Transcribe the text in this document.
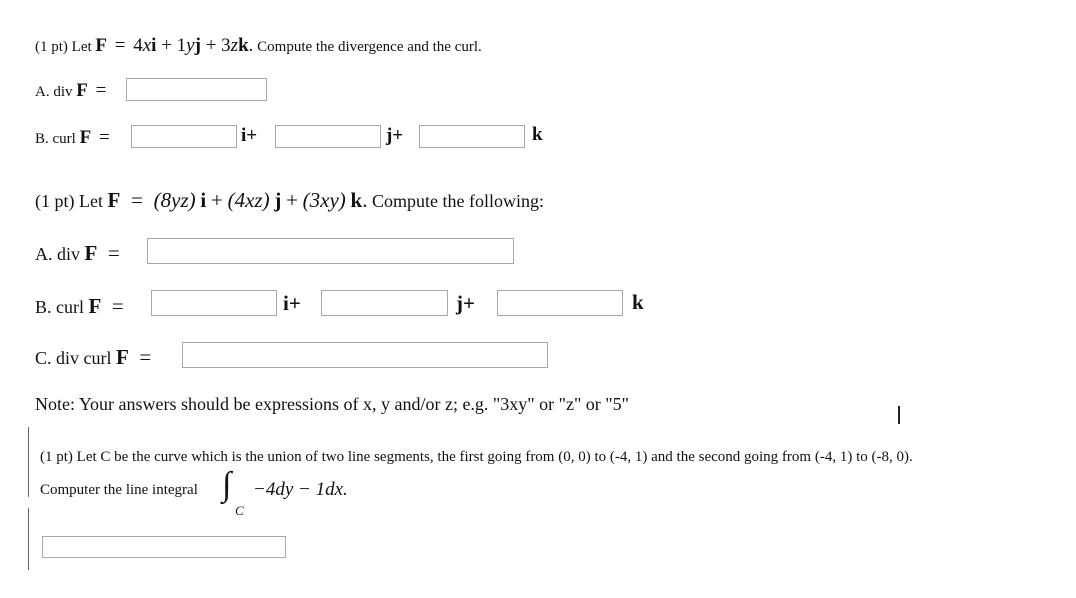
(1 pt) Let F = 4xi + 1yj + 3zk. Compute the divergence and the curl.
A. div F =
B. curl F =	i+	j+	k
(1 pt) Let F = (8yz) i + (4xz) j + (3xy) k. Compute the following:
A. div F =
B. curl F =	i+	j+	k
C. div curl F =
Note: Your answers should be expressions of x, y and/or z; e.g. "3xy" or "z" or "5"
(1 pt) Let C be the curve which is the union of two line segments, the first going from (0, 0) to (-4, 1) and the second going from (-4, 1) to (-8, 0).
Computer the line integral ∫
C
−4dy − 1dx.
